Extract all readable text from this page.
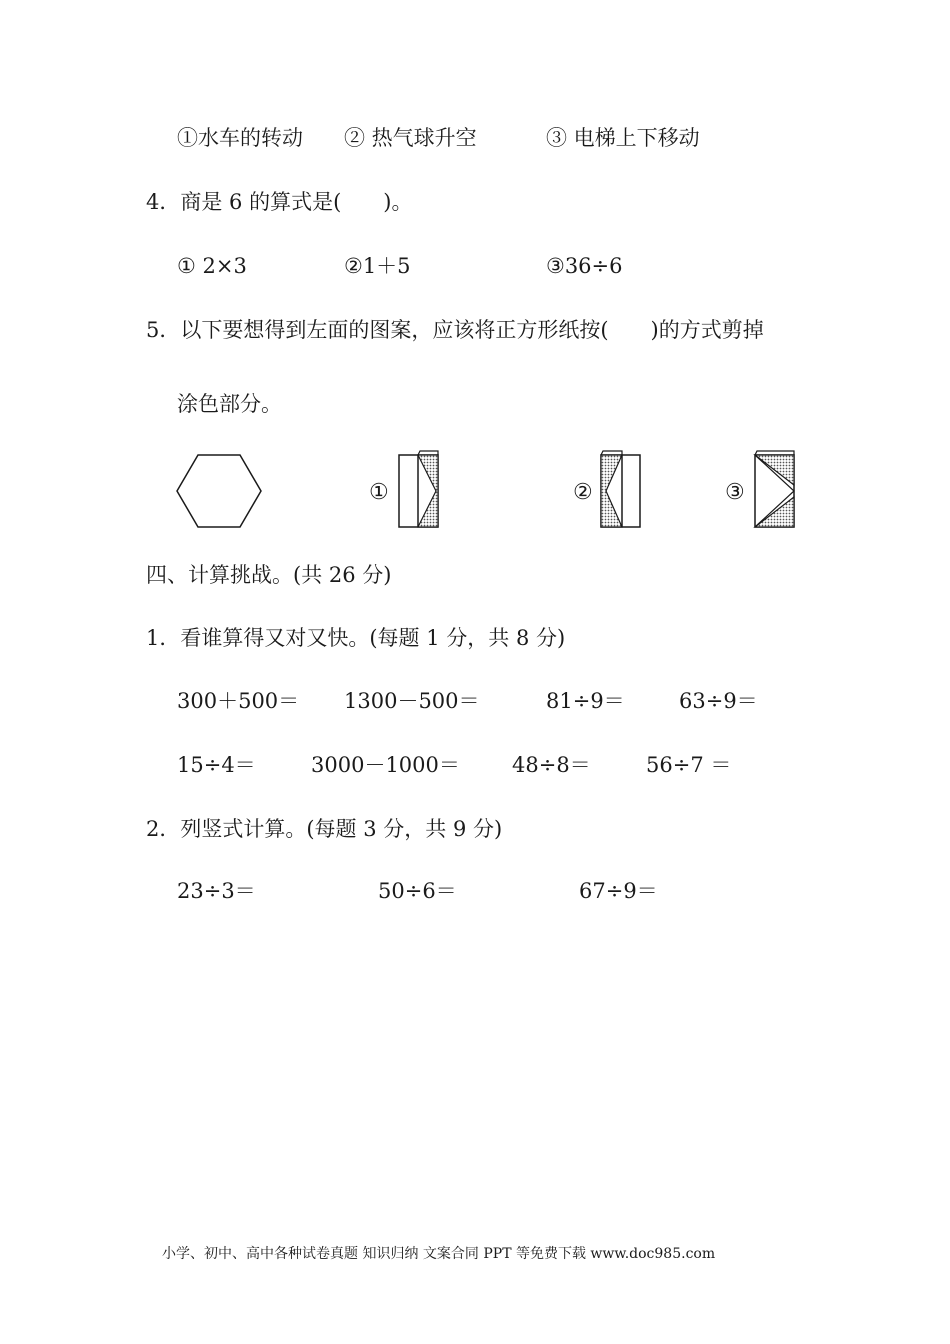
①水车的转动 ② 热气球升空	③ 电梯上下移动
4．商是 6 的算式是(　　)。
① 2×3	②1＋5	③36÷6
5．以下要想得到左面的图案，应该将正方形纸按(　　)的方式剪掉
涂色部分。
①	②	③
四、计算挑战。(共 26 分)
1．看谁算得又对又快。(每题 1 分，共 8 分)
300＋500＝ 1300－500＝	81÷9＝	63÷9＝
15÷4＝	3000－1000＝ 48÷8＝	56÷7 ＝
2．列竖式计算。(每题 3 分，共 9 分)
23÷3＝	50÷6＝	67÷9＝
小学、初中、高中各种试卷真题 知识归纳 文案合同 PPT 等免费下载 www.doc985.com
